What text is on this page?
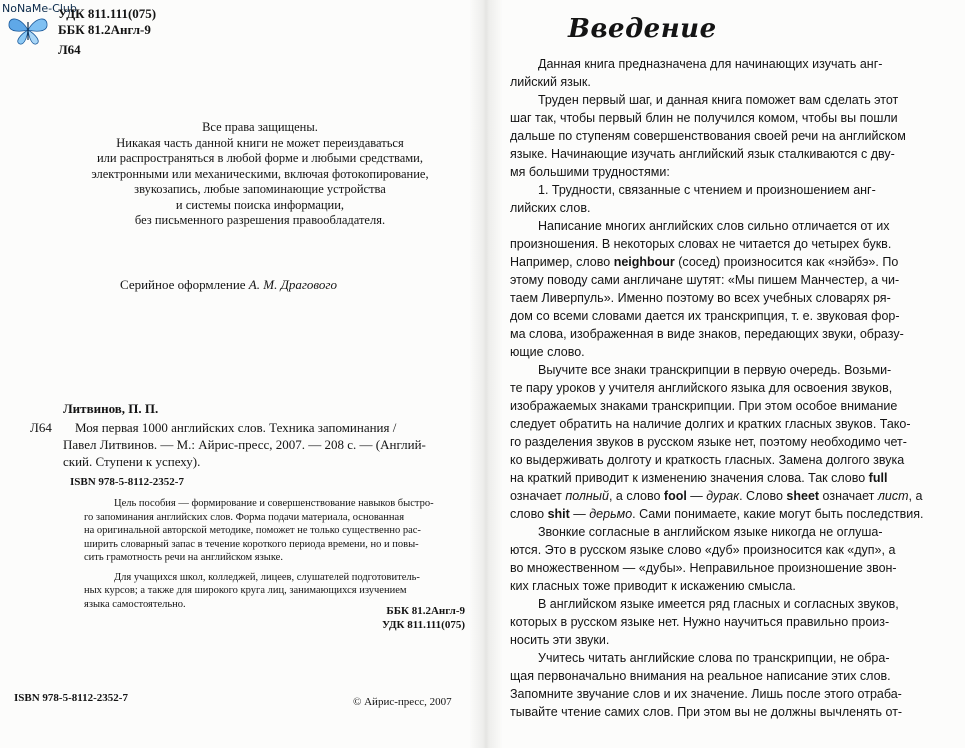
NoNaMe-Club
УДК 811.111(075)
ББК 81.2Англ-9
Л64
Все права защищены.
Никакая часть данной книги не может переиздаваться
или распространяться в любой форме и любыми средствами,
электронными или механическими, включая фотокопирование,
звукозапись, любые запоминающие устройства
и системы поиска информации,
без письменного разрешения правообладателя.
Серийное оформление А. М. Драгового
Литвинов, П. П.
Л64	Моя первая 1000 английских слов. Техника запоминания /
Павел Литвинов. — М.: Айрис-пресс, 2007. — 208 с. — (Англий-
ский. Ступени к успеху).
ISBN 978-5-8112-2352-7
Цель пособия — формирование и совершенствование навыков быстро-
го запоминания английских слов. Форма подачи материала, основанная
на оригинальной авторской методике, поможет не только существенно рас-
ширить словарный запас в течение короткого периода времени, но и повы-
сить грамотность речи на английском языке.
Для учащихся школ, колледжей, лицеев, слушателей подготовитель-
ных курсов; а также для широкого круга лиц, занимающихся изучением
языка самостоятельно.
ББК 81.2Англ-9
УДК 811.111(075)
ISBN 978-5-8112-2352-7	© Айрис-пресс, 2007
Введение
Данная книга предназначена для начинающих изучать анг-
лийский язык.
Труден первый шаг, и данная книга поможет вам сделать этот
шаг так, чтобы первый блин не получился комом, чтобы вы пошли
дальше по ступеням совершенствования своей речи на английском
языке. Начинающие изучать английский язык сталкиваются с дву-
мя большими трудностями:
1. Трудности, связанные с чтением и произношением анг-
лийских слов.
Написание многих английских слов сильно отличается от их
произношения. В некоторых словах не читается до четырех букв.
Например, слово neighbour (сосед) произносится как «нэйбэ». По
этому поводу сами англичане шутят: «Мы пишем Манчестер, а чи-
таем Ливерпуль». Именно поэтому во всех учебных словарях ря-
дом со всеми словами дается их транскрипция, т. е. звуковая фор-
ма слова, изображенная в виде знаков, передающих звуки, образу-
ющие слово.
Выучите все знаки транскрипции в первую очередь. Возьми-
те пару уроков у учителя английского языка для освоения звуков,
изображаемых знаками транскрипции. При этом особое внимание
следует обратить на наличие долгих и кратких гласных звуков. Тако-
го разделения звуков в русском языке нет, поэтому необходимо чет-
ко выдерживать долготу и краткость гласных. Замена долгого звука
на краткий приводит к изменению значения слова. Так слово full
означает полный, а слово fool — дурак. Слово sheet означает лист, а
слово shit — дерьмо. Сами понимаете, какие могут быть последствия.
Звонкие согласные в английском языке никогда не оглуша-
ются. Это в русском языке слово «дуб» произносится как «дуп», а
во множественном — «дубы». Неправильное произношение звон-
ких гласных тоже приводит к искажению смысла.
В английском языке имеется ряд гласных и согласных звуков,
которых в русском языке нет. Нужно научиться правильно произ-
носить эти звуки.
Учитесь читать английские слова по транскрипции, не обра-
щая первоначально внимания на реальное написание этих слов.
Запомните звучание слов и их значение. Лишь после этого отраба-
тывайте чтение самих слов. При этом вы не должны вычленять от-
